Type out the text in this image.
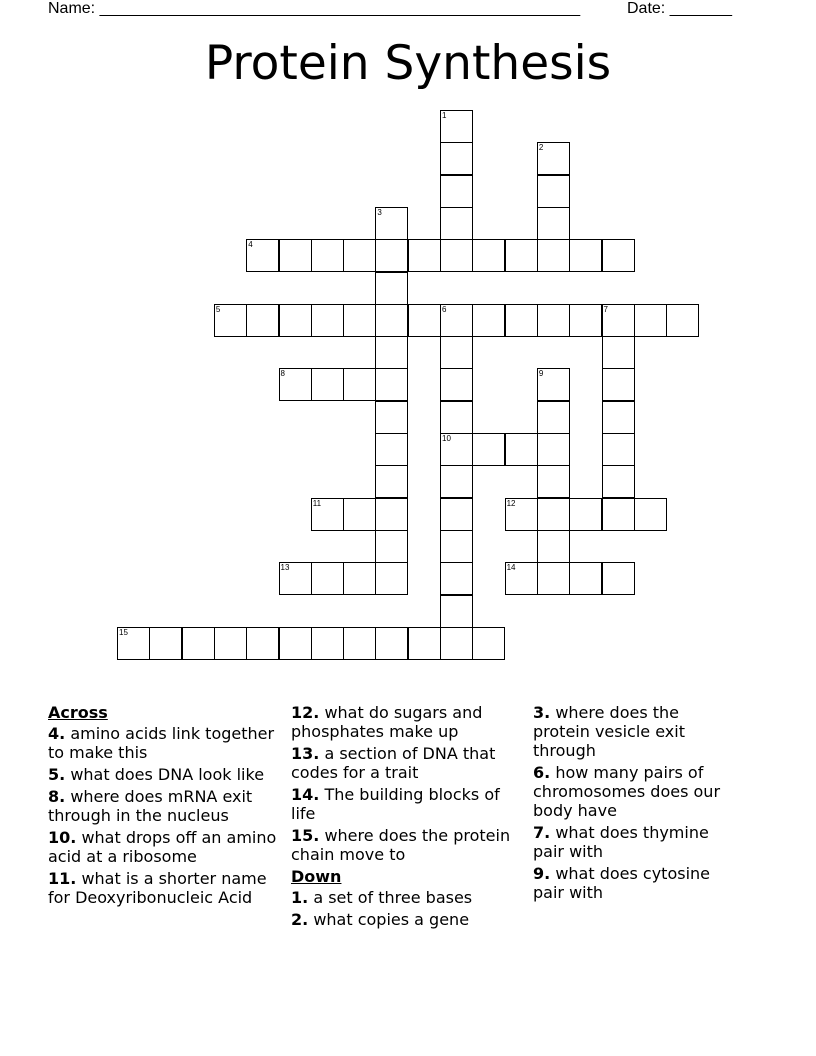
Name: ______________________________________________________	Date: _______
Protein Synthesis
1
2
3
4
5	6	7
8	9
10
11	12
13	14
15
Across
4. amino acids link together to make this
5. what does DNA look like
8. where does mRNA exit through in the nucleus
10. what drops off an amino acid at a ribosome
11. what is a shorter name for Deoxyribonucleic Acid
12. what do sugars and phosphates make up
13. a section of DNA that codes for a trait
14. The building blocks of life
15. where does the protein chain move to
Down
1. a set of three bases
2. what copies a gene
3. where does the protein vesicle exit through
6. how many pairs of chromosomes does our body have
7. what does thymine pair with
9. what does cytosine pair with
